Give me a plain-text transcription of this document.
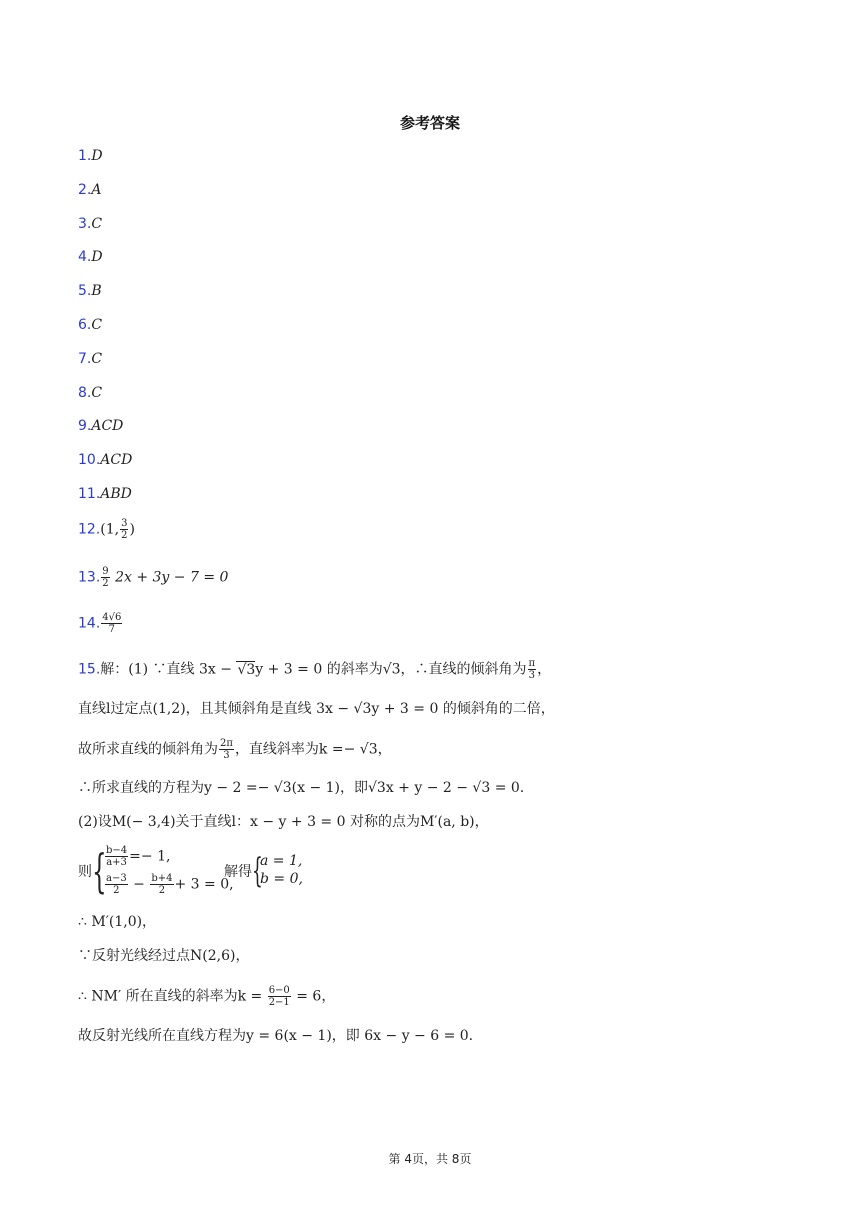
参考答案
1.D
2.A
3.C
4.D
5.B
6.C
7.C
8.C
9.ACD
10.ACD
11.ABD
12.(1, $\frac{3}{2}$ )
13. $\frac{9}{2} 2x + 3y - 7 = 0$
14. $\frac{4√6}{7}$
15.解：(1) ∵直线 3x − √3y + 3 = 0 的斜率为√3，∴直线的倾斜角为 $\frac{\pi}{3}$ ，
直线l过定点(1,2)，且其倾斜角是直线 3x − √3y + 3 = 0 的倾斜角的二倍，
故所求直线的倾斜角为 $\frac{2\pi}{3}$ ，直线斜率为k =− √3，
∴所求直线的方程为y − 2 =− √3(x − 1)，即√3x + y − 2 − √3 = 0.
(2)设M(− 3,4)关于直线l：x − y + 3 = 0 对称的点为M′(a, b)，
则 {
$\frac{b-4}{a+3} =- 1$,
$\frac{a-3}{2} - \frac{b+4}{2} + 3 = 0$,
解得 {
a = 1,
b = 0,
∴ M′(1,0)，
∵反射光线经过点N(2,6)，
∴ NM′ 所在直线的斜率为$k = \frac{6-0}{2-1} = 6$，
故反射光线所在直线方程为y = 6(x − 1)，即 6x − y − 6 = 0.
第 4页，共 8页
